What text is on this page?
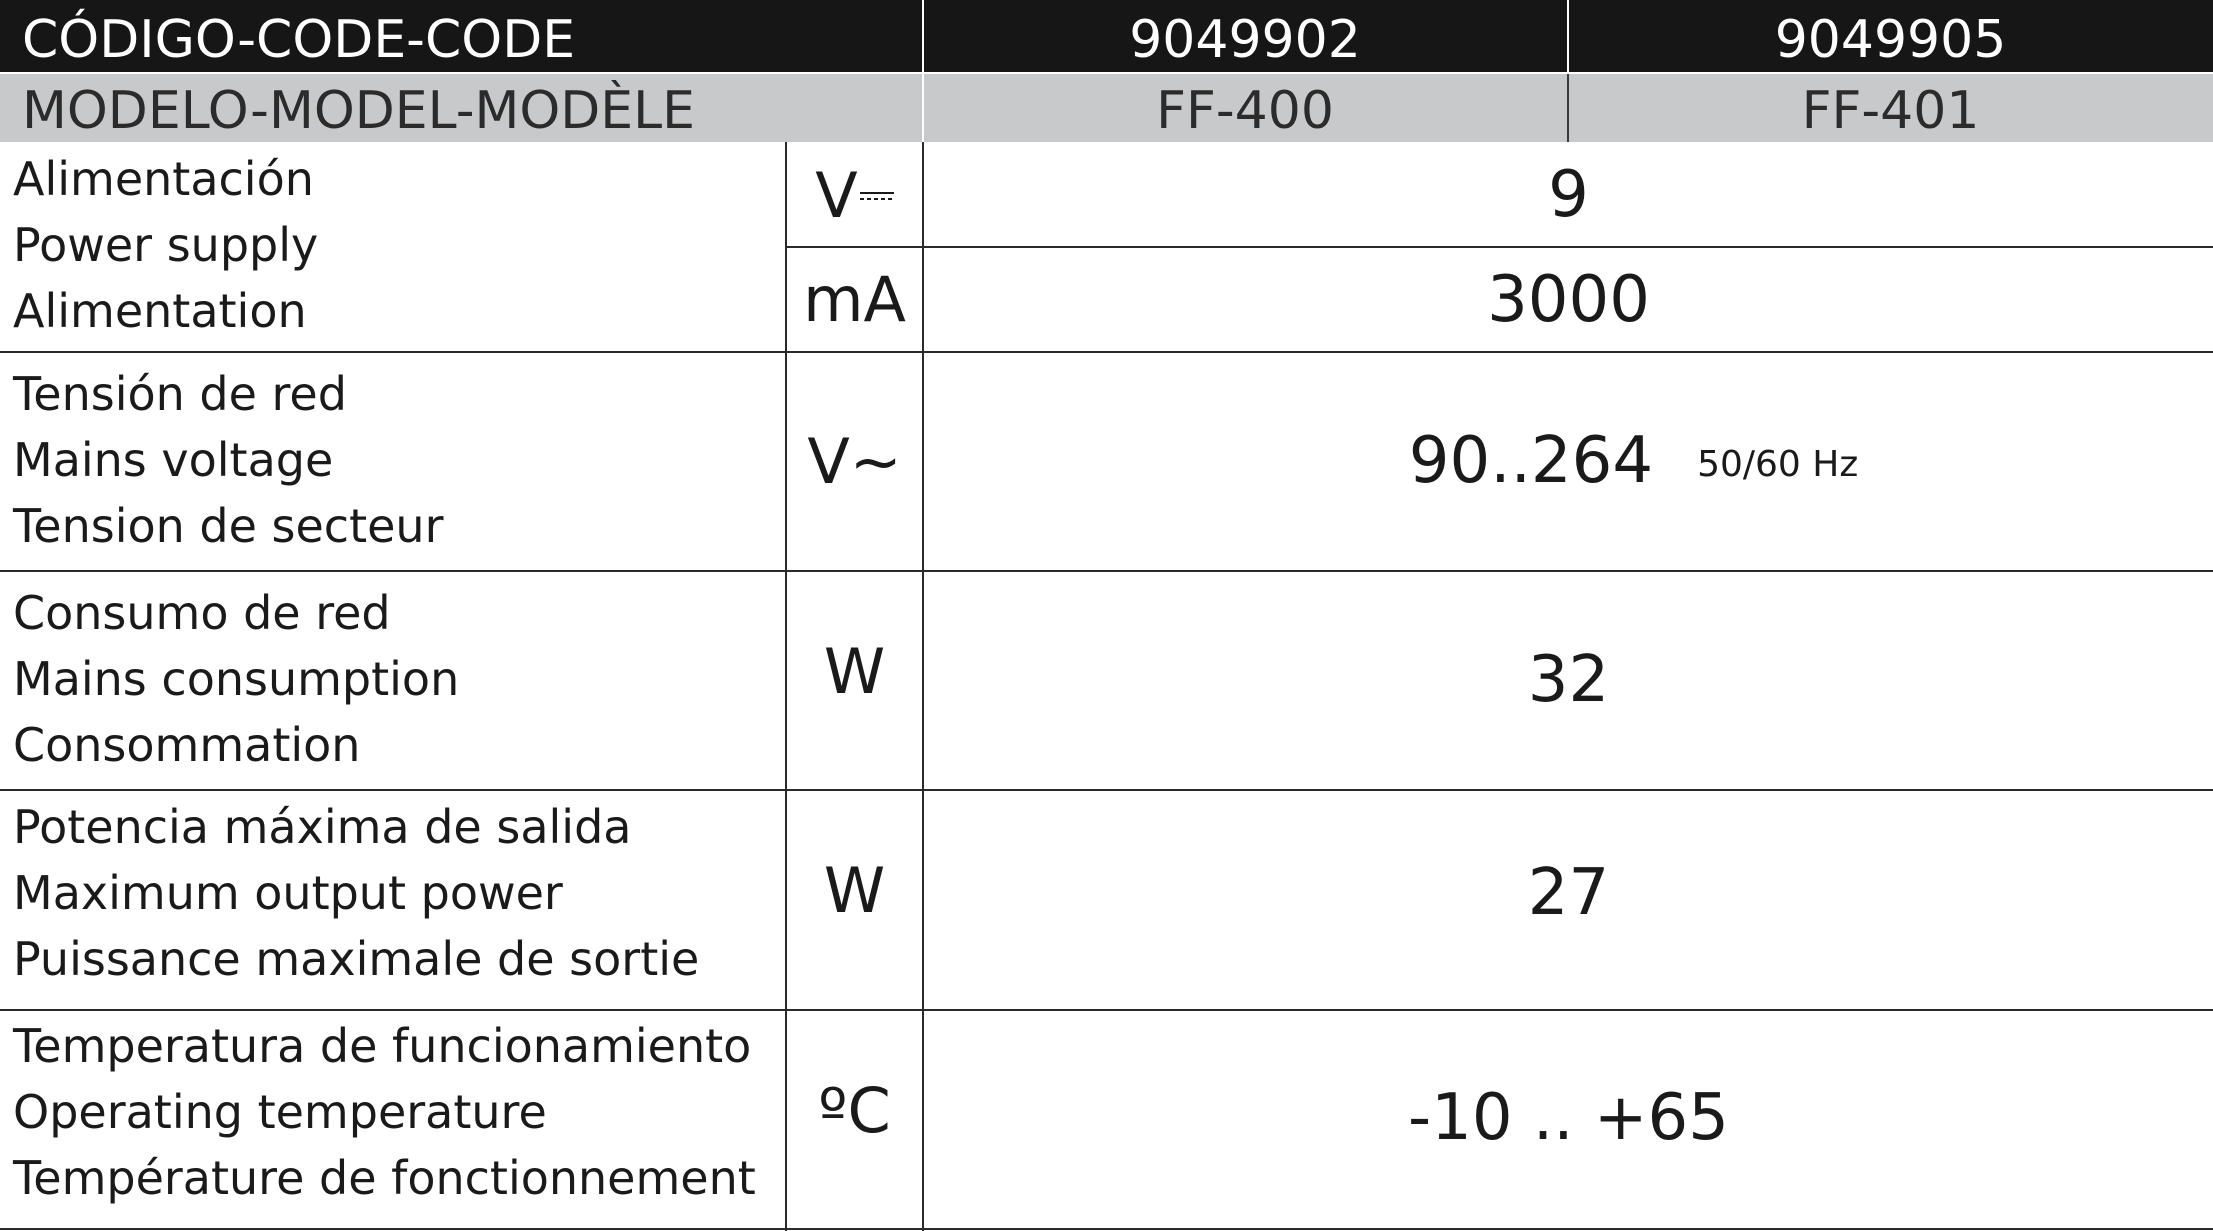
CÓDIGO-CODE-CODE	9049902	9049905
MODELO-MODEL-MODÈLE	FF-400	FF-401
Alimentación
Power supply
Alimentation
V	9
mA	3000
Tensión de red
Mains voltage
Tension de secteur
V~	90..264 50/60 Hz
Consumo de red
Mains consumption
Consommation
W	32
Potencia máxima de salida
Maximum output power
Puissance maximale de sortie
W	27
Temperatura de funcionamiento
Operating temperature
Température de fonctionnement
ºC	-10 .. +65
